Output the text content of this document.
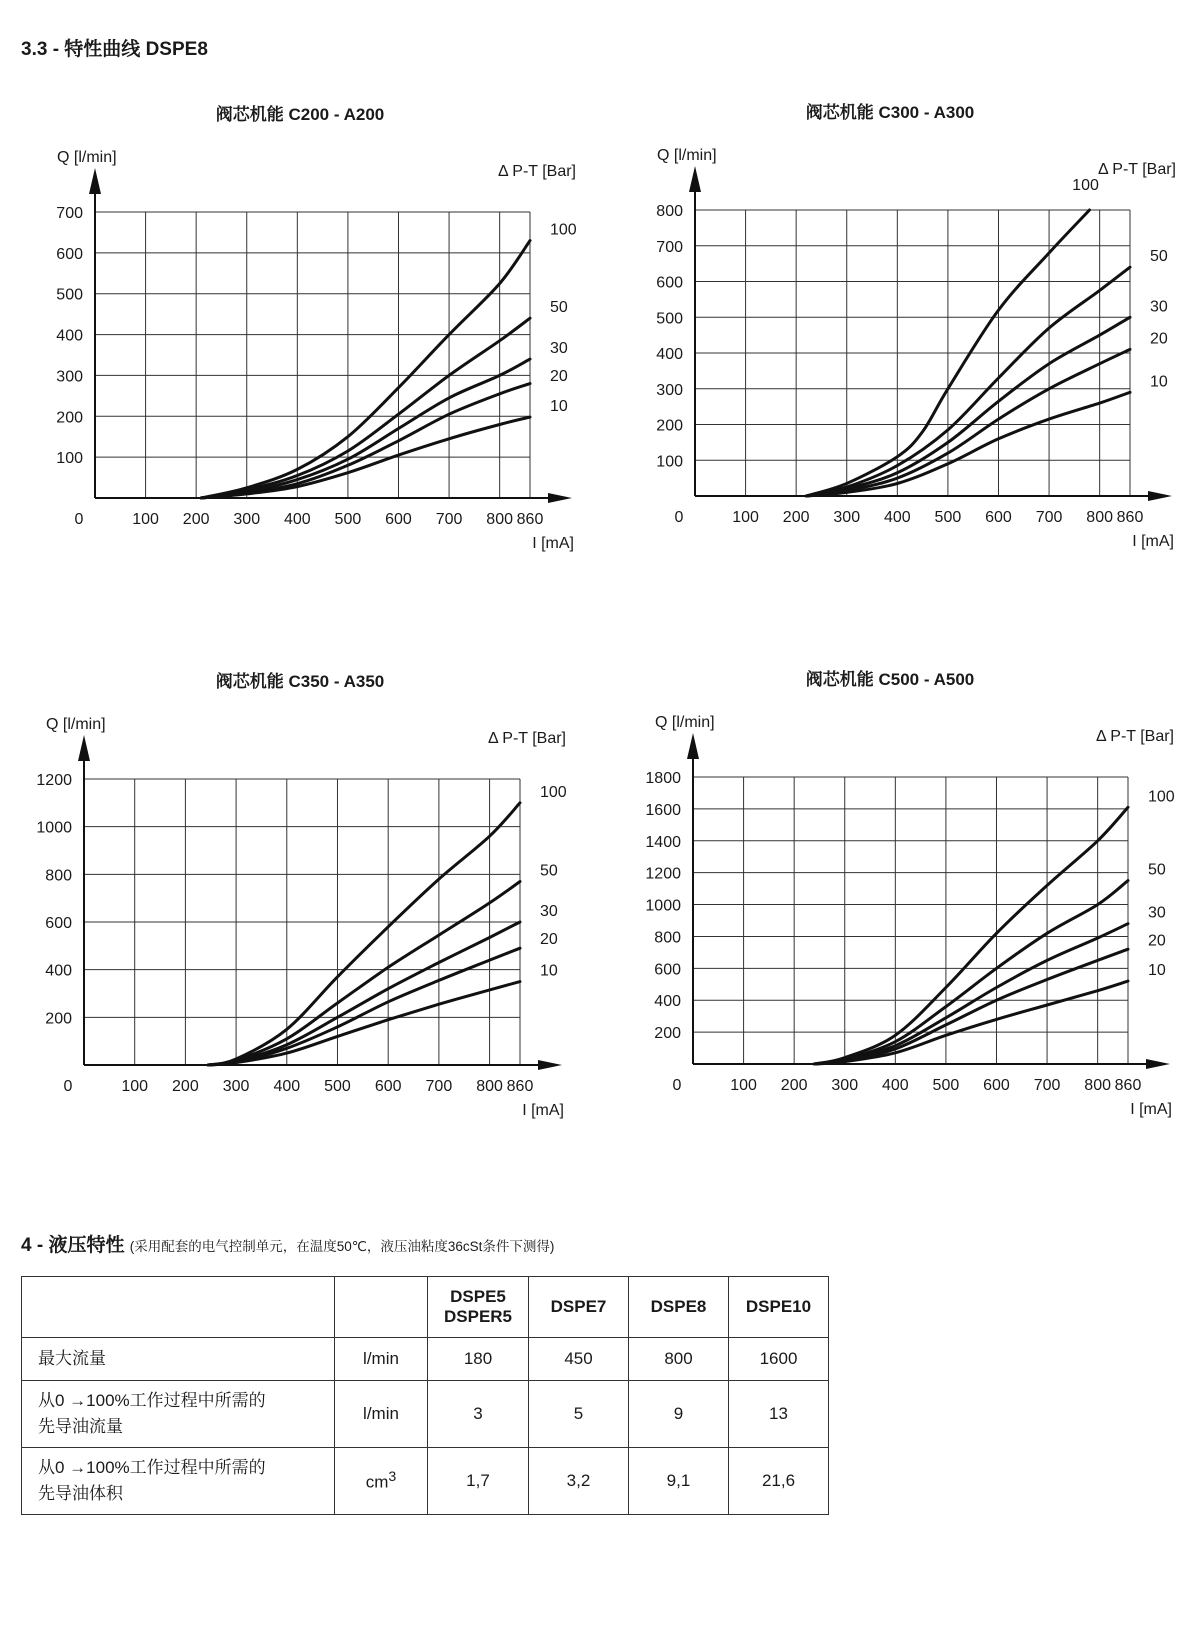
3.3 - 特性曲线 DSPE8
阀芯机能 C200 - A200
0	100 200 300 400 500 600 700 800 860
100
200
300
400
500
600
700
Q [l/min]
I [mA]
Δ P-T [Bar]
100
50
30
20
10
阀芯机能 C300 - A300
0	100 200 300 400 500 600 700 800 860
100
200
300
400
500
600
700
800
Q [l/min]
I [mA]
Δ P-T [Bar]
100
50
30
20
10
阀芯机能 C350 - A350
0	100 200 300 400 500 600 700 800 860
200
400
600
800
1000
1200
Q [l/min]
I [mA]
Δ P-T [Bar]
100
50
30
20
10
阀芯机能 C500 - A500
0	100 200 300 400 500 600 700 800 860
200
400
600
800
1000
1200
1400
1600
1800
Q [l/min]
I [mA]
Δ P-T [Bar]
100
50
30
20
10
4 - 液压特性 (采用配套的电气控制单元，在温度50℃，液压油粘度36cSt条件下测得)
		DSPE5
DSPER5	DSPE7	DSPE8	DSPE10
最大流量	l/min	180	450	800	1600
从0 →100%工作过程中所需的
先导油流量	l/min	3	5	9	13
从0 →100%工作过程中所需的
先导油体积	$cm^3$	1,7	3,2	9,1	21,6
